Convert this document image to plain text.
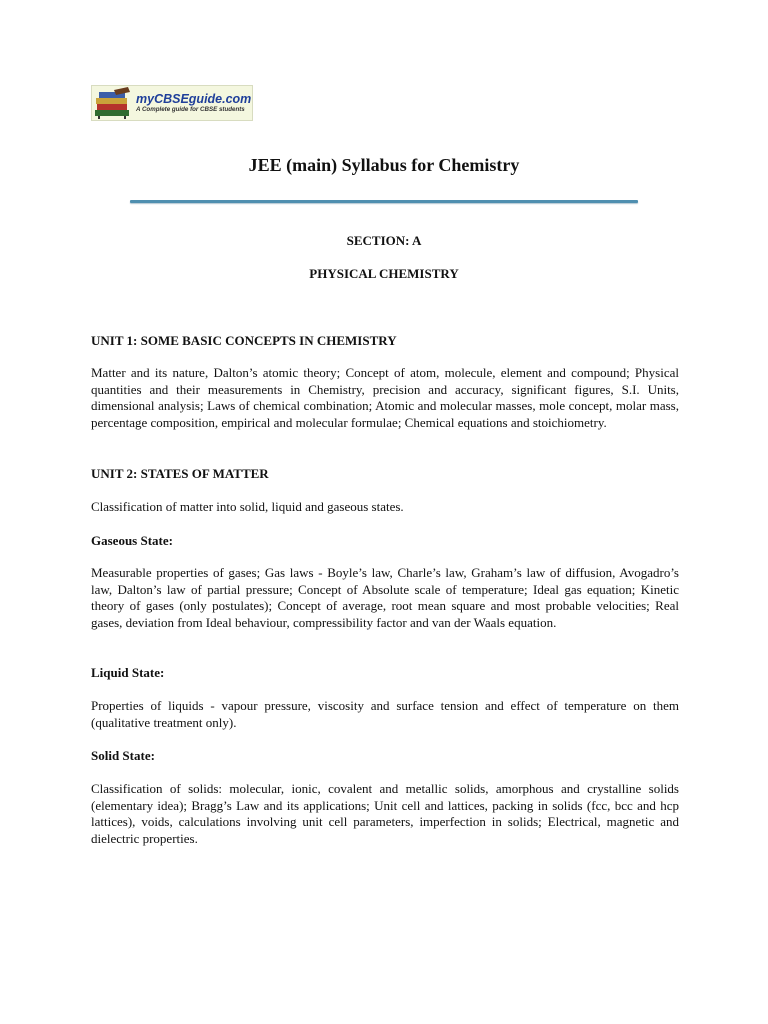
myCBSEguide.com
A Complete guide for CBSE students
JEE (main) Syllabus for Chemistry
SECTION: A
PHYSICAL CHEMISTRY
UNIT 1: SOME BASIC CONCEPTS IN CHEMISTRY
Matter and its nature, Dalton’s atomic theory; Concept of atom, molecule, element and compound; Physical quantities and their measurements in Chemistry, precision and accuracy, significant figures, S.I. Units, dimensional analysis; Laws of chemical combination; Atomic and molecular masses, mole concept, molar mass, percentage composition, empirical and molecular formulae; Chemical equations and stoichiometry.
UNIT 2: STATES OF MATTER
Classification of matter into solid, liquid and gaseous states.
Gaseous State:
Measurable properties of gases; Gas laws - Boyle’s law, Charle’s law, Graham’s law of diffusion, Avogadro’s law, Dalton’s law of partial pressure; Concept of Absolute scale of temperature; Ideal gas equation; Kinetic theory of gases (only postulates); Concept of average, root mean square and most probable velocities; Real gases, deviation from Ideal behaviour, compressibility factor and van der Waals equation.
Liquid State:
Properties of liquids - vapour pressure, viscosity and surface tension and effect of temperature on them (qualitative treatment only).
Solid State:
Classification of solids: molecular, ionic, covalent and metallic solids, amorphous and crystalline solids (elementary idea); Bragg’s Law and its applications; Unit cell and lattices, packing in solids (fcc, bcc and hcp lattices), voids, calculations involving unit cell parameters, imperfection in solids; Electrical, magnetic and dielectric properties.
